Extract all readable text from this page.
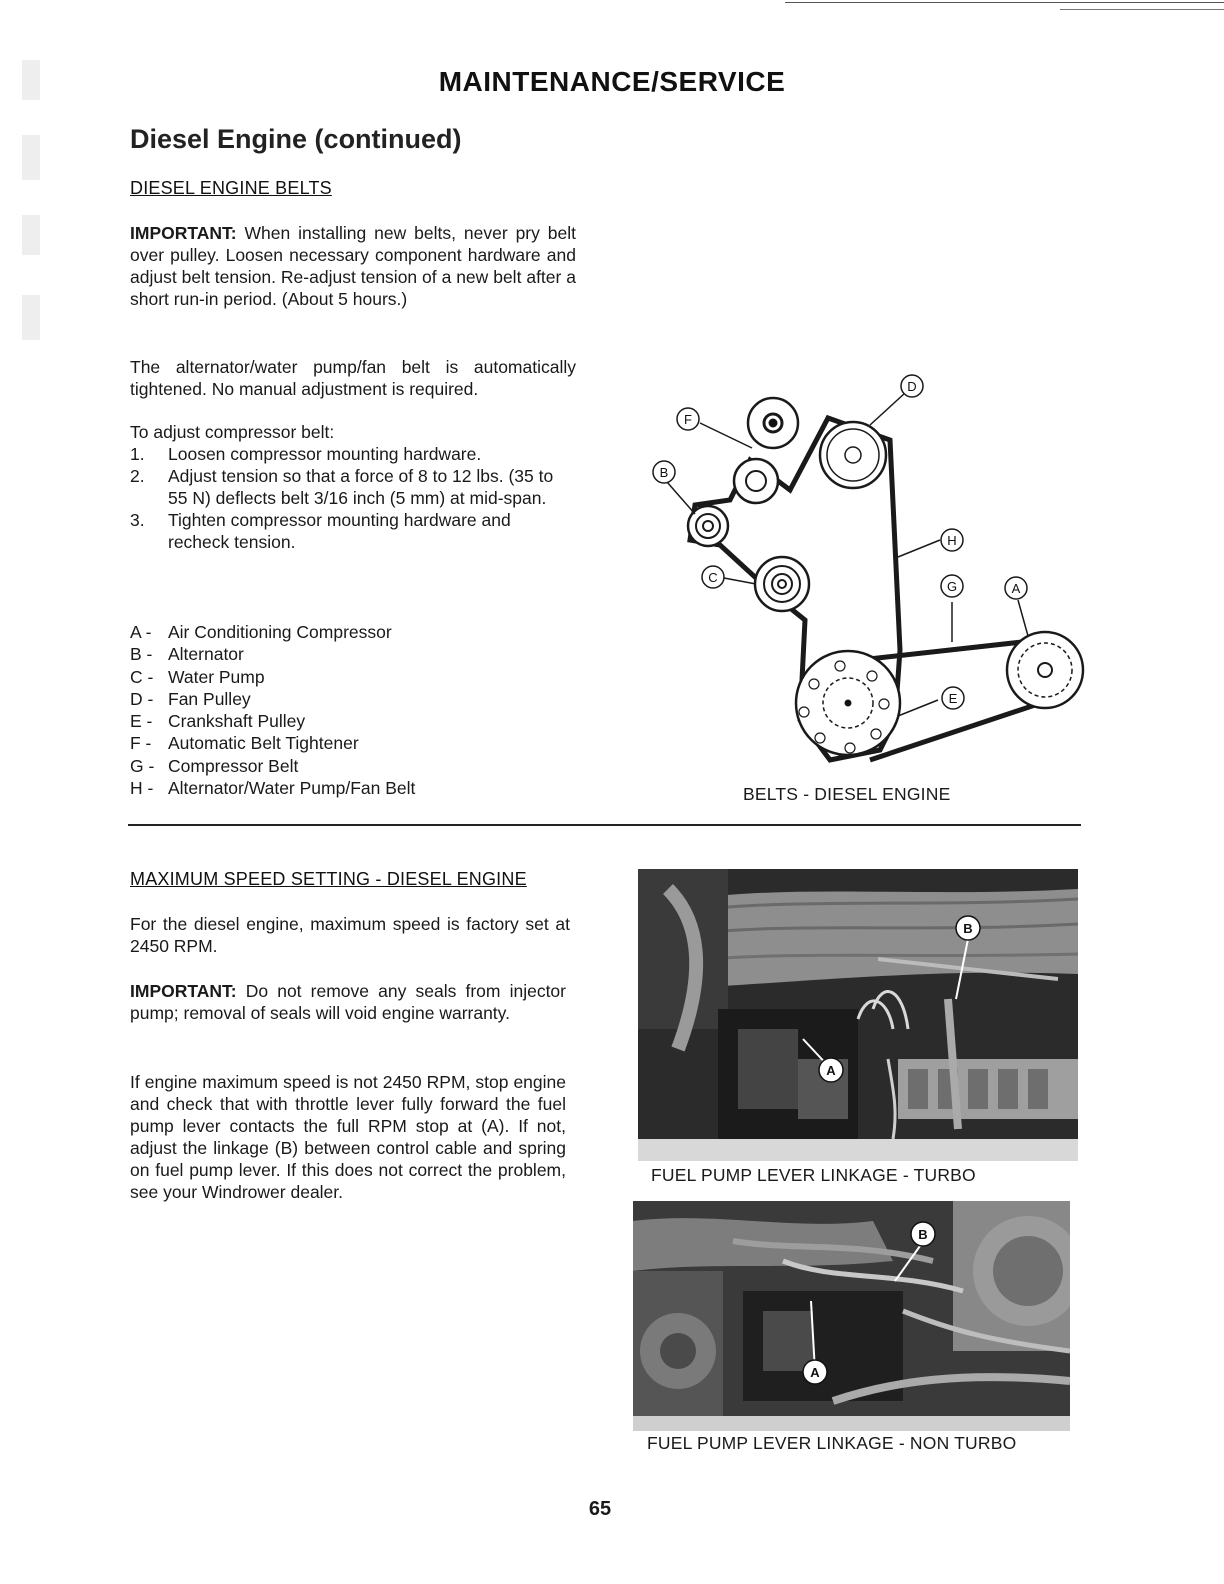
MAINTENANCE/SERVICE
Diesel Engine (continued)
DIESEL ENGINE BELTS

IMPORTANT: When installing new belts, never pry belt over pulley. Loosen necessary component hardware and adjust belt tension. Re-adjust tension of a new belt after a short run-in period. (About 5 hours.)

The alternator/water pump/fan belt is automatically tightened. No manual adjustment is required.

To adjust compressor belt:
1.	Loosen compressor mounting hardware.
2.	Adjust tension so that a force of 8 to 12 lbs. (35 to 55 N) deflects belt 3/16 inch (5 mm) at mid-span.
3.	Tighten compressor mounting hardware and recheck tension.
A - Air Conditioning Compressor
B - Alternator
C - Water Pump
D - Fan Pulley
E - Crankshaft Pulley
F - Automatic Belt Tightener
G - Compressor Belt
H - Alternator/Water Pump/Fan Belt
F
B
C
D
H
G	A
E
BELTS - DIESEL ENGINE
MAXIMUM SPEED SETTING - DIESEL ENGINE

For the diesel engine, maximum speed is factory set at 2450 RPM.

IMPORTANT: Do not remove any seals from injector pump; removal of seals will void engine warranty.

If engine maximum speed is not 2450 RPM, stop engine and check that with throttle lever fully forward the fuel pump lever contacts the full RPM stop at (A). If not, adjust the linkage (B) between control cable and spring on fuel pump lever. If this does not correct the problem, see your Windrower dealer.

B
A
FUEL PUMP LEVER LINKAGE - TURBO
B
A
FUEL PUMP LEVER LINKAGE - NON TURBO
65
